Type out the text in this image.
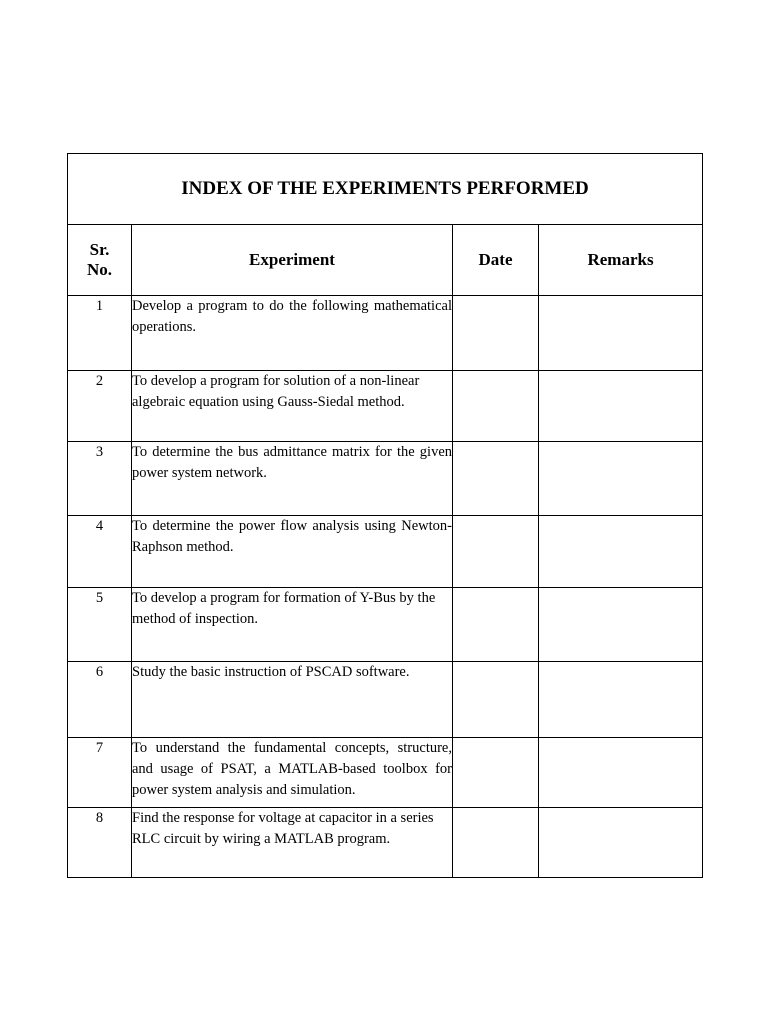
INDEX OF THE EXPERIMENTS PERFORMED			
Sr.
No.	Experiment	Date	Remarks
1	Develop a program to do the following mathematical operations.		
2	To develop a program for solution of a non-linear algebraic equation using Gauss-Siedal method.		
3	To determine the bus admittance matrix for the given power system network.		
4	To determine the power flow analysis using Newton-Raphson method.		
5	To develop a program for formation of Y-Bus by the method of inspection.		
6	Study the basic instruction of PSCAD software.		
7	To understand the fundamental concepts, structure, and usage of PSAT, a MATLAB-based toolbox for power system analysis and simulation.		
8	Find the response for voltage at capacitor in a series RLC circuit by wiring a MATLAB program.		
